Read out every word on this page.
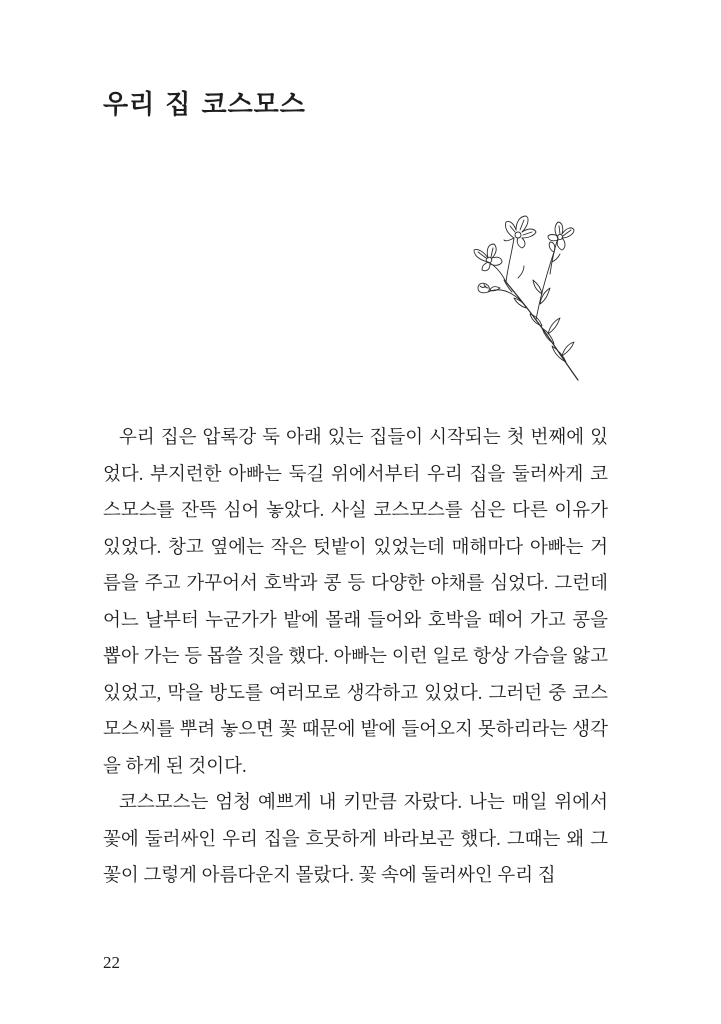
우리 집 코스모스

우리 집은 압록강 둑 아래 있는 집들이 시작되는 첫 번째에 있었다. 부지런한 아빠는 둑길 위에서부터 우리 집을 둘러싸게 코스모스를 잔뜩 심어 놓았다. 사실 코스모스를 심은 다른 이유가 있었다. 창고 옆에는 작은 텃밭이 있었는데 매해마다 아빠는 거름을 주고 가꾸어서 호박과 콩 등 다양한 야채를 심었다. 그런데 어느 날부터 누군가가 밭에 몰래 들어와 호박을 떼어 가고 콩을 뽑아 가는 등 몹쓸 짓을 했다. 아빠는 이런 일로 항상 가슴을 앓고 있었고, 막을 방도를 여러모로 생각하고 있었다. 그러던 중 코스모스씨를 뿌려 놓으면 꽃 때문에 밭에 들어오지 못하리라는 생각을 하게 된 것이다.

코스모스는 엄청 예쁘게 내 키만큼 자랐다. 나는 매일 위에서 꽃에 둘러싸인 우리 집을 흐뭇하게 바라보곤 했다. 그때는 왜 그 꽃이 그렇게 아름다운지 몰랐다. 꽃 속에 둘러싸인 우리 집

22
